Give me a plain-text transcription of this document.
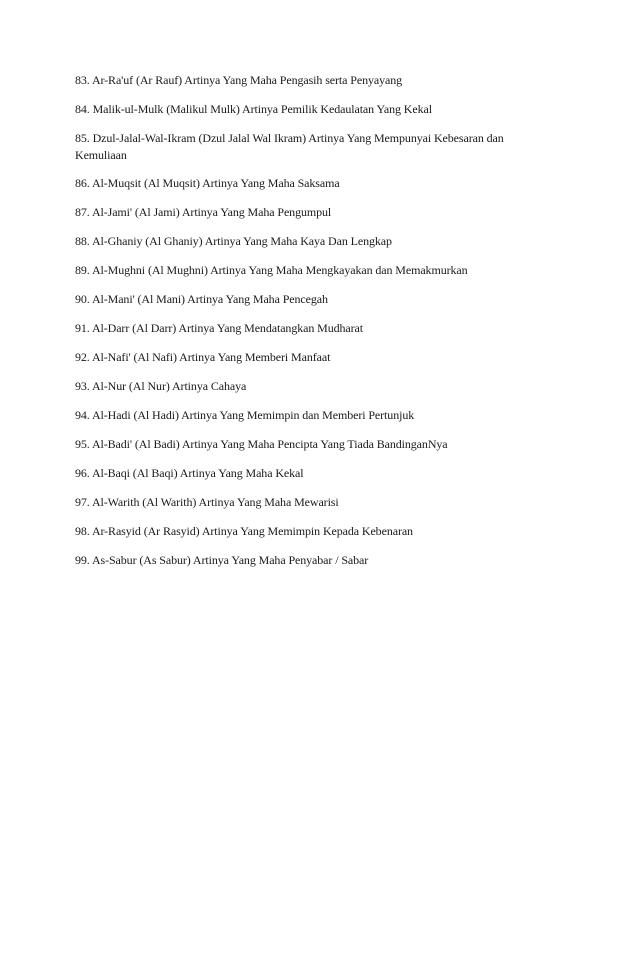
83. Ar-Ra'uf (Ar Rauf) Artinya Yang Maha Pengasih serta Penyayang

84. Malik-ul-Mulk (Malikul Mulk) Artinya Pemilik Kedaulatan Yang Kekal

85. Dzul-Jalal-Wal-Ikram (Dzul Jalal Wal Ikram) Artinya Yang Mempunyai Kebesaran dan Kemuliaan

86. Al-Muqsit (Al Muqsit) Artinya Yang Maha Saksama

87. Al-Jami' (Al Jami) Artinya Yang Maha Pengumpul

88. Al-Ghaniy (Al Ghaniy) Artinya Yang Maha Kaya Dan Lengkap

89. Al-Mughni (Al Mughni) Artinya Yang Maha Mengkayakan dan Memakmurkan

90. Al-Mani' (Al Mani) Artinya Yang Maha Pencegah

91. Al-Darr (Al Darr) Artinya Yang Mendatangkan Mudharat

92. Al-Nafi' (Al Nafi) Artinya Yang Memberi Manfaat

93. Al-Nur (Al Nur) Artinya Cahaya

94. Al-Hadi (Al Hadi) Artinya Yang Memimpin dan Memberi Pertunjuk

95. Al-Badi' (Al Badi) Artinya Yang Maha Pencipta Yang Tiada BandinganNya

96. Al-Baqi (Al Baqi) Artinya Yang Maha Kekal

97. Al-Warith (Al Warith) Artinya Yang Maha Mewarisi

98. Ar-Rasyid (Ar Rasyid) Artinya Yang Memimpin Kepada Kebenaran

99. As-Sabur (As Sabur) Artinya Yang Maha Penyabar / Sabar
